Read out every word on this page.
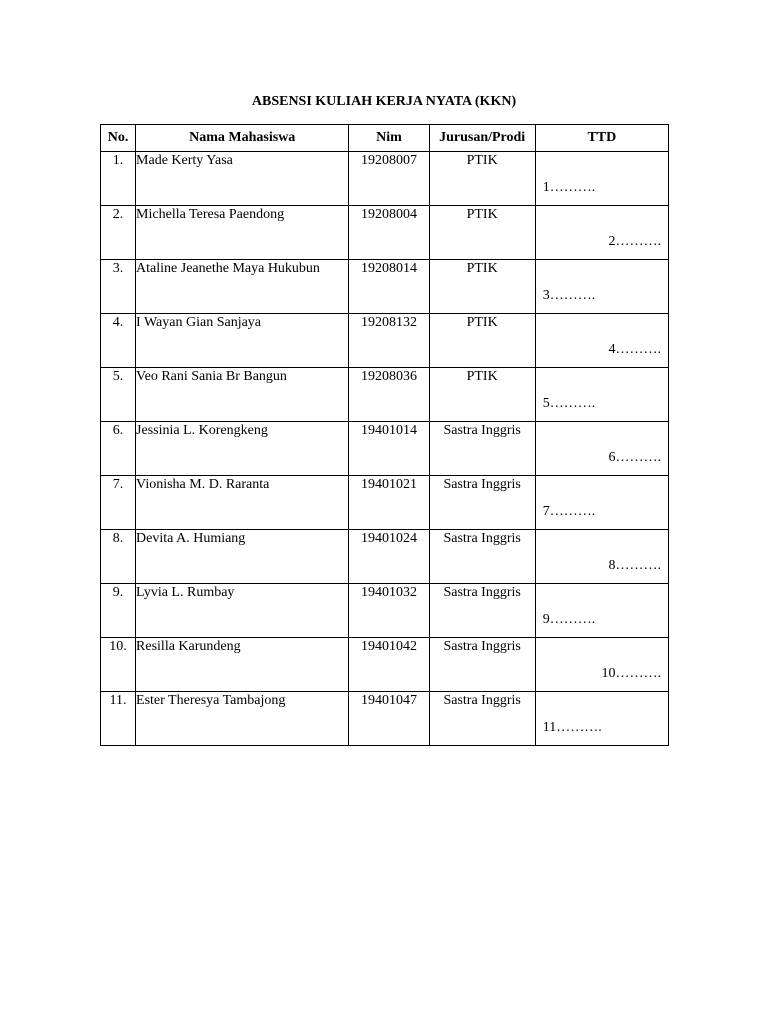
ABSENSI KULIAH KERJA NYATA (KKN)
No.	Nama Mahasiswa	Nim	Jurusan/Prodi	TTD
1.	Made Kerty Yasa	19208007	PTIK	1……….

2.	Michella Teresa Paendong	19208004	PTIK	2……….

3.	Ataline Jeanethe Maya Hukubun	19208014	PTIK	3……….

4.	I Wayan Gian Sanjaya	19208132	PTIK	4……….

5.	Veo Rani Sania Br Bangun	19208036	PTIK	5……….

6.	Jessinia L. Korengkeng	19401014	Sastra Inggris	6……….

7.	Vionisha M. D. Raranta	19401021	Sastra Inggris	7……….

8.	Devita A. Humiang	19401024	Sastra Inggris	8……….

9.	Lyvia L. Rumbay	19401032	Sastra Inggris	9……….

10.	Resilla Karundeng	19401042	Sastra Inggris	10……….

11.	Ester Theresya Tambajong	19401047	Sastra Inggris	11……….
